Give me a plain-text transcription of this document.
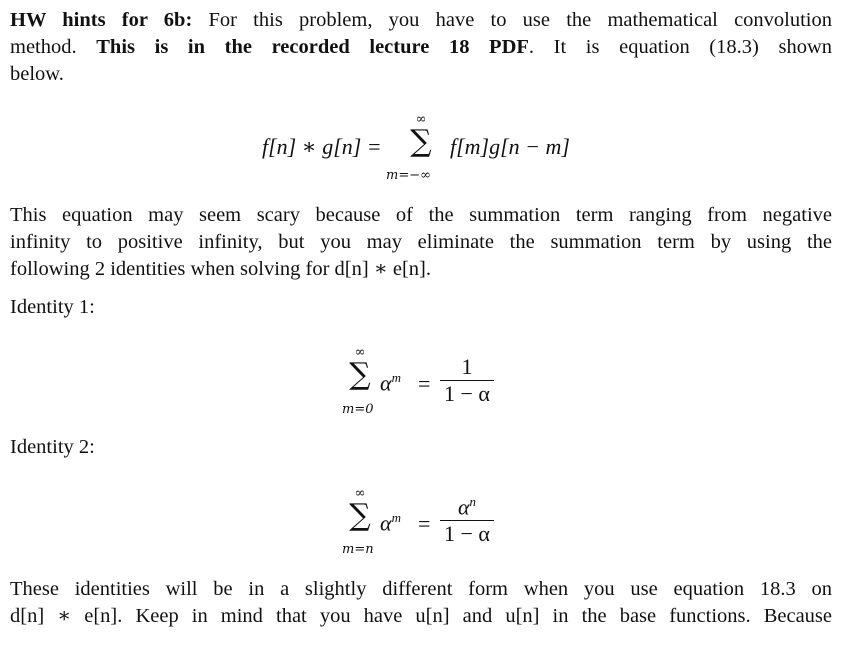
HW hints for 6b: For this problem, you have to use the mathematical convolution
method. This is in the recorded lecture 18 PDF. It is equation (18.3) shown
below.
f[n] ∗ g[n] =
∞
∑
m=−∞
f[m]g[n − m]
This equation may seem scary because of the summation term ranging from negative
infinity to positive infinity, but you may eliminate the summation term by using the
following 2 identities when solving for d[n] ∗ e[n].
Identity 1:
∞
∑
m=0
$\alpha^m = \frac{1}{1 - \alpha}$
Identity 2:
∞
∑
m=n
$\alpha^m = \frac{\alpha^n}{1 - \alpha}$
These identities will be in a slightly different form when you use equation 18.3 on
d[n] ∗ e[n]. Keep in mind that you have u[n] and u[n] in the base functions. Because
